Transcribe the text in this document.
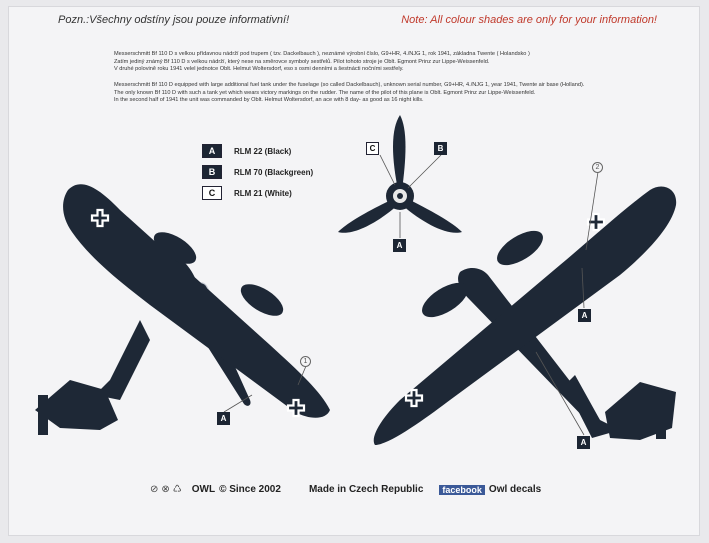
Pozn.:Všechny odstíny jsou pouze informativní!	Note: All colour shades are only for your information!
Messerschmitt Bf 110 D s velkou přídavnou nádrží pod trupem ( tzv. Dackelbauch ), neznámé výrobní číslo, G9+HR, 4./NJG 1, rok 1941, základna Twente ( Holandsko )
Zatím jediný známý Bf 110 D s velkou nádrží, který nese na směrovce symboly sestřelů. Pilot tohoto stroje je Oblt. Egmont Prinz zur Lippe-Weissenfeld.
V druhé polovině roku 1941 velel jednotce Oblt. Helmut Woltersdorf, eso s osmi denními a šestnácti nočními sestřely.
Messerschmitt Bf 110 D equipped with large additional fuel tank under the fuselage (so called Dackelbauch), unknown serial number, G9+HR, 4./NJG 1, year 1941, Twente air base (Holland).
The only known Bf 110 D with such a tank yet which wears victory markings on the rudder. The name of the pilot of this plane is Oblt. Egmont Prinz zur Lippe-Weissenfeld.
In the second half of 1941 the unit was commanded by Oblt. Helmut Woltersdorf, an ace with 8 day- as good as 16 night kills.
A	RLM 22 (Black)
B	RLM 70 (Blackgreen)
C	RLM 21 (White)
C	B
A
A
1
2
A
A
⊘ ⊗ ♺ OWL © Since 2002	Made in Czech Republic	facebook Owl decals
